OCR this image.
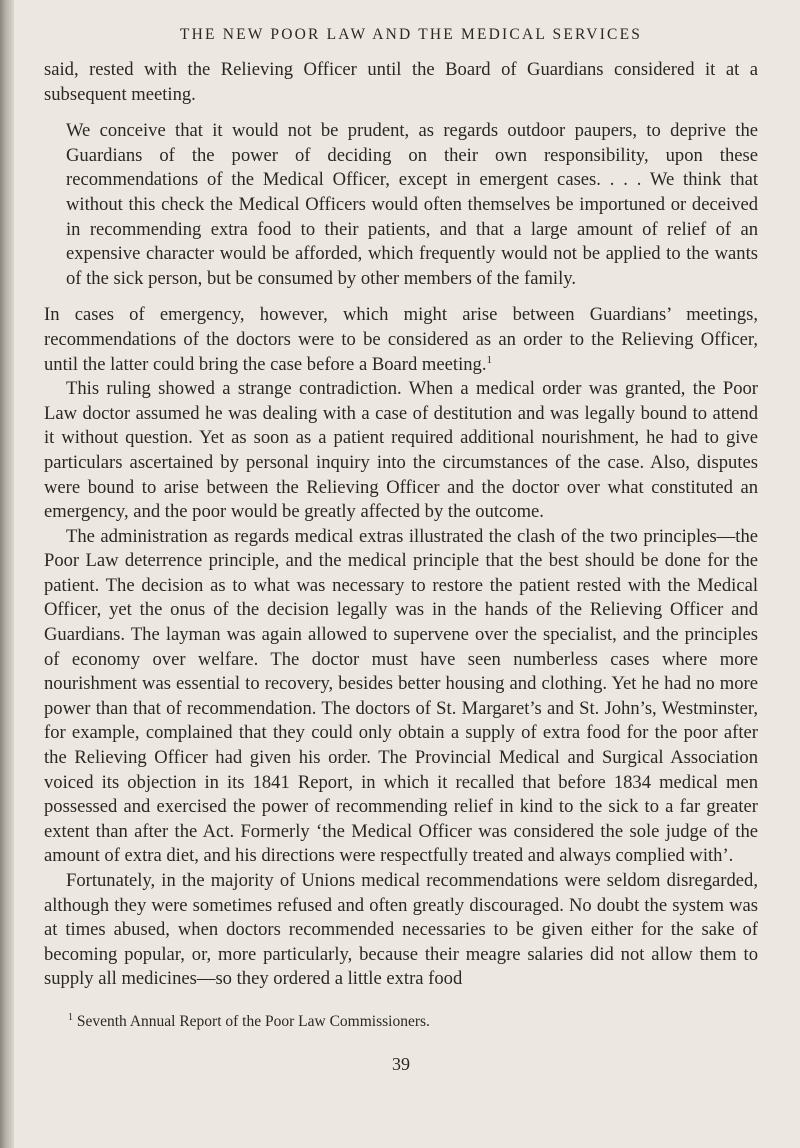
THE NEW POOR LAW AND THE MEDICAL SERVICES

said, rested with the Relieving Officer until the Board of Guardians considered it at a subsequent meeting.

We conceive that it would not be prudent, as regards outdoor paupers, to deprive the Guardians of the power of deciding on their own responsibility, upon these recommendations of the Medical Officer, except in emergent cases. . . . We think that without this check the Medical Officers would often themselves be importuned or deceived in recommending extra food to their patients, and that a large amount of relief of an expensive character would be afforded, which frequently would not be applied to the wants of the sick person, but be consumed by other members of the family.

In cases of emergency, however, which might arise between Guardians’ meetings, recommendations of the doctors were to be considered as an order to the Relieving Officer, until the latter could bring the case before a Board meeting.$^1$

This ruling showed a strange contradiction. When a medical order was granted, the Poor Law doctor assumed he was dealing with a case of destitution and was legally bound to attend it without question. Yet as soon as a patient required additional nourishment, he had to give particulars ascertained by personal inquiry into the circumstances of the case. Also, disputes were bound to arise between the Relieving Officer and the doctor over what constituted an emergency, and the poor would be greatly affected by the outcome.

The administration as regards medical extras illustrated the clash of the two principles—the Poor Law deterrence principle, and the medical principle that the best should be done for the patient. The decision as to what was necessary to restore the patient rested with the Medical Officer, yet the onus of the decision legally was in the hands of the Relieving Officer and Guardians. The layman was again allowed to supervene over the specialist, and the principles of economy over welfare. The doctor must have seen numberless cases where more nourishment was essential to recovery, besides better housing and clothing. Yet he had no more power than that of recommendation. The doctors of St. Margaret’s and St. John’s, Westminster, for example, complained that they could only obtain a supply of extra food for the poor after the Relieving Officer had given his order. The Provincial Medical and Surgical Association voiced its objection in its 1841 Report, in which it recalled that before 1834 medical men possessed and exercised the power of recommending relief in kind to the sick to a far greater extent than after the Act. Formerly ‘the Medical Officer was considered the sole judge of the amount of extra diet, and his directions were respectfully treated and always complied with’.

Fortunately, in the majority of Unions medical recommendations were seldom disregarded, although they were sometimes refused and often greatly discouraged. No doubt the system was at times abused, when doctors recommended necessaries to be given either for the sake of becoming popular, or, more particularly, because their meagre salaries did not allow them to supply all medicines—so they ordered a little extra food

$^1$ Seventh Annual Report of the Poor Law Commissioners.
39
